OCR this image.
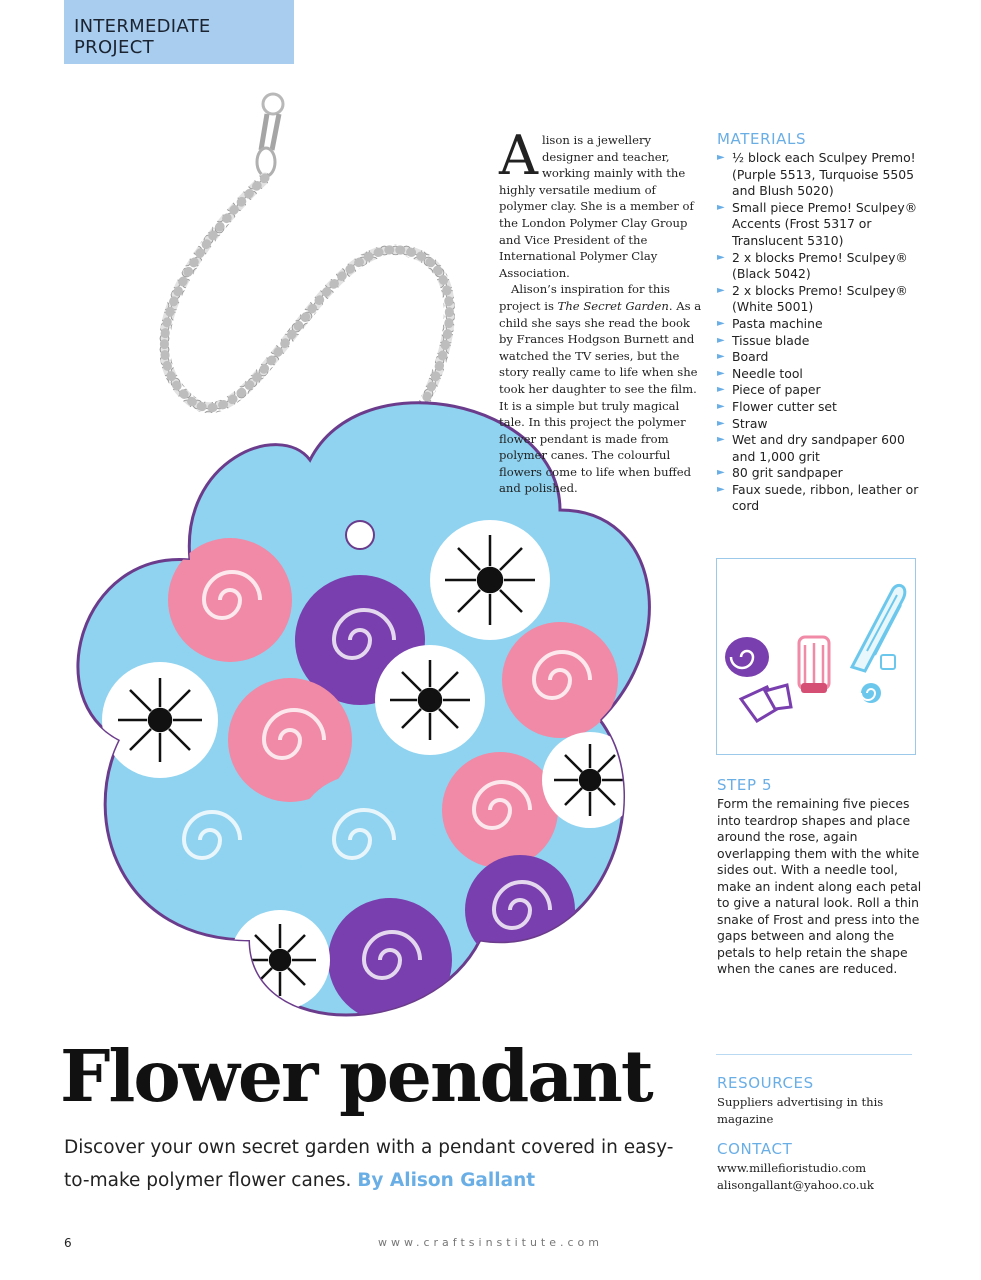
INTERMEDIATE PROJECT

Alison is a jewellery designer and teacher, working mainly with the highly versatile medium of polymer clay. She is a member of the London Polymer Clay Group and Vice President of the International Polymer Clay Association.

Alison’s inspiration for this project is The Secret Garden. As a child she says she read the book by Frances Hodgson Burnett and watched the TV series, but the story really came to life when she took her daughter to see the film. It is a simple but truly magical tale. In this project the polymer flower pendant is made from polymer canes. The colourful flowers come to life when buffed and polished.

MATERIALS
► ½ block each Sculpey Premo! (Purple 5513, Turquoise 5505 and Blush 5020)
► Small piece Premo! Sculpey® Accents (Frost 5317 or Translucent 5310)
► 2 x blocks Premo! Sculpey® (Black 5042)
► 2 x blocks Premo! Sculpey® (White 5001)
► Pasta machine
► Tissue blade
► Board
► Needle tool
► Piece of paper
► Flower cutter set
► Straw
► Wet and dry sandpaper 600 and 1,000 grit
► 80 grit sandpaper
► Faux suede, ribbon, leather or cord
STEP 5

Form the remaining five pieces into teardrop shapes and place around the rose, again overlapping them with the white sides out. With a needle tool, make an indent along each petal to give a natural look. Roll a thin snake of Frost and press into the gaps between and along the petals to help retain the shape when the canes are reduced.

RESOURCES

Suppliers advertising in this magazine

CONTACT

www.millefioristudio.com

alisongallant@yahoo.co.uk

Flower pendant

Discover your own secret garden with a pendant covered in easy-to-make polymer flower canes. By Alison Gallant

6	www.craftsinstitute.com
